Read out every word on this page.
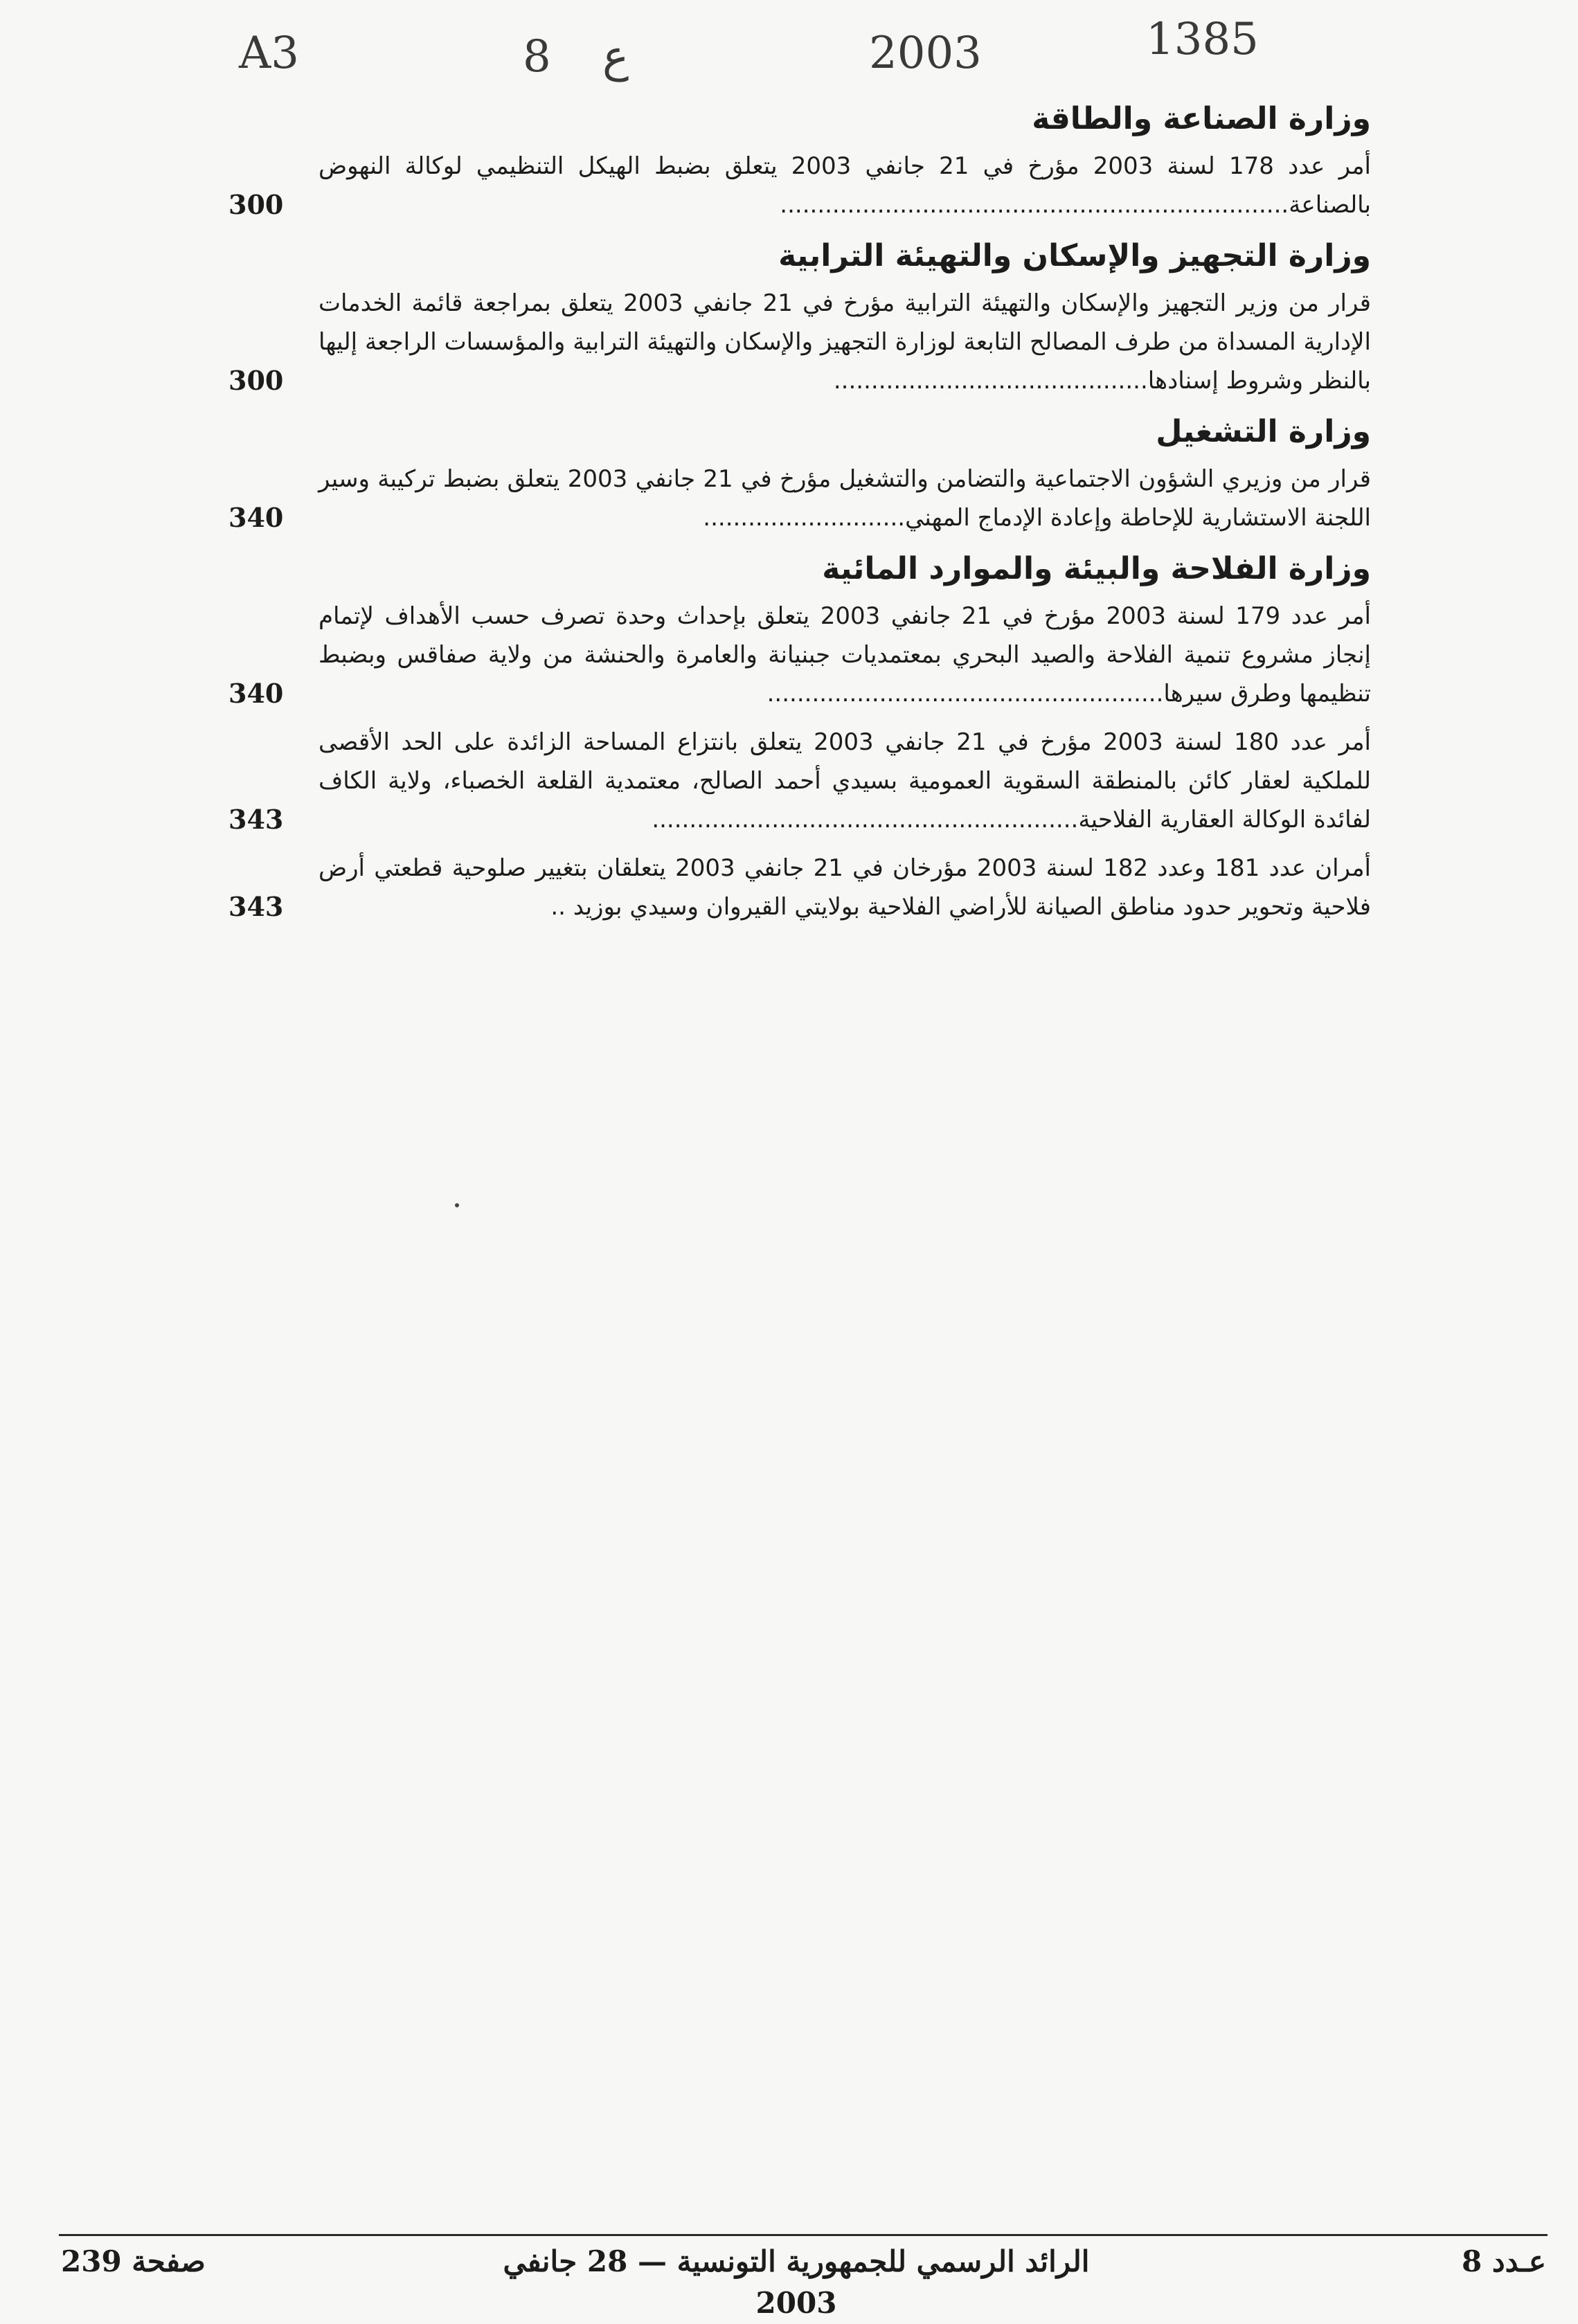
A3	8 ع	2003	1385
وزارة الصناعة والطاقة
أمر عدد 178 لسنة 2003 مؤرخ في 21 جانفي 2003 يتعلق بضبط الهيكل التنظيمي لوكالة النهوض بالصناعة....................................................................
300
وزارة التجهيز والإسكان والتهيئة الترابية
قرار من وزير التجهيز والإسكان والتهيئة الترابية مؤرخ في 21 جانفي 2003 يتعلق بمراجعة قائمة الخدمات الإدارية المسداة من طرف المصالح التابعة لوزارة التجهيز والإسكان والتهيئة الترابية والمؤسسات الراجعة إليها بالنظر وشروط إسنادها..........................................
300
وزارة التشغيل
قرار من وزيري الشؤون الاجتماعية والتضامن والتشغيل مؤرخ في 21 جانفي 2003 يتعلق بضبط تركيبة وسير اللجنة الاستشارية للإحاطة وإعادة الإدماج المهني...........................
340
وزارة الفلاحة والبيئة والموارد المائية
أمر عدد 179 لسنة 2003 مؤرخ في 21 جانفي 2003 يتعلق بإحداث وحدة تصرف حسب الأهداف لإتمام إنجاز مشروع تنمية الفلاحة والصيد البحري بمعتمديات جبنيانة والعامرة والحنشة من ولاية صفاقس وبضبط تنظيمها وطرق سيرها.....................................................
340
أمر عدد 180 لسنة 2003 مؤرخ في 21 جانفي 2003 يتعلق بانتزاع المساحة الزائدة على الحد الأقصى للملكية لعقار كائن بالمنطقة السقوية العمومية بسيدي أحمد الصالح، معتمدية القلعة الخصباء، ولاية الكاف لفائدة الوكالة العقارية الفلاحية.........................................................
343
أمران عدد 181 وعدد 182 لسنة 2003 مؤرخان في 21 جانفي 2003 يتعلقان بتغيير صلوحية قطعتي أرض فلاحية وتحوير حدود مناطق الصيانة للأراضي الفلاحية بولايتي القيروان وسيدي بوزيد ..
343
عـدد 8
الرائد الرسمي للجمهورية التونسية — 28 جانفي 2003
صفحة 239
